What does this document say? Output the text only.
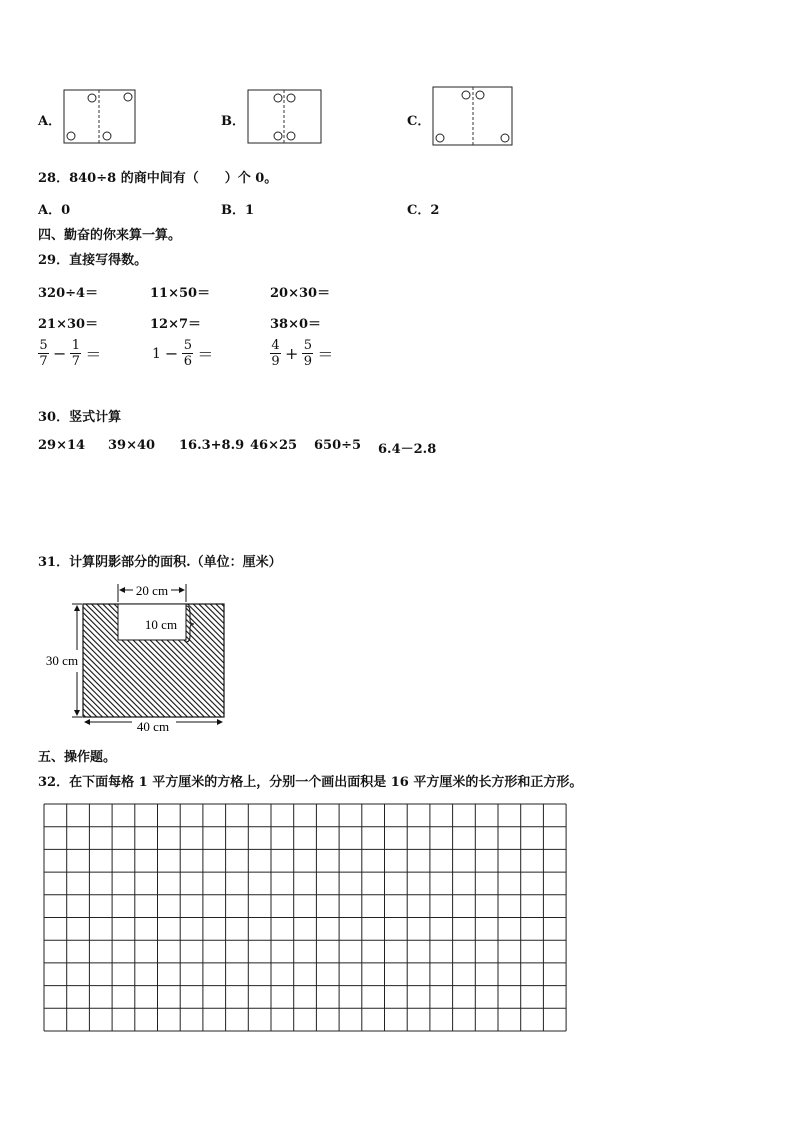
A．	B．	C．
28．840÷8 的商中间有（　　）个 0。
A．0	B．1	C．2
四、勤奋的你来算一算。
29．直接写得数。
320÷4＝	11×50＝	20×30＝
21×30＝	12×7＝	38×0＝
$\frac{5}{7} - \frac{1}{7}$ ＝	$1 - \frac{5}{6}$ ＝	$\frac{4}{9} + \frac{5}{9}$ ＝
30．竖式计算
29×14 39×40 16.3+8.9 46×25 650÷5 6.4－2.8
31．计算阴影部分的面积.（单位：厘米）
20 cm
10 cm
30 cm
40 cm
五、操作题。
32．在下面每格 1 平方厘米的方格上，分别一个画出面积是 16 平方厘米的长方形和正方形。
